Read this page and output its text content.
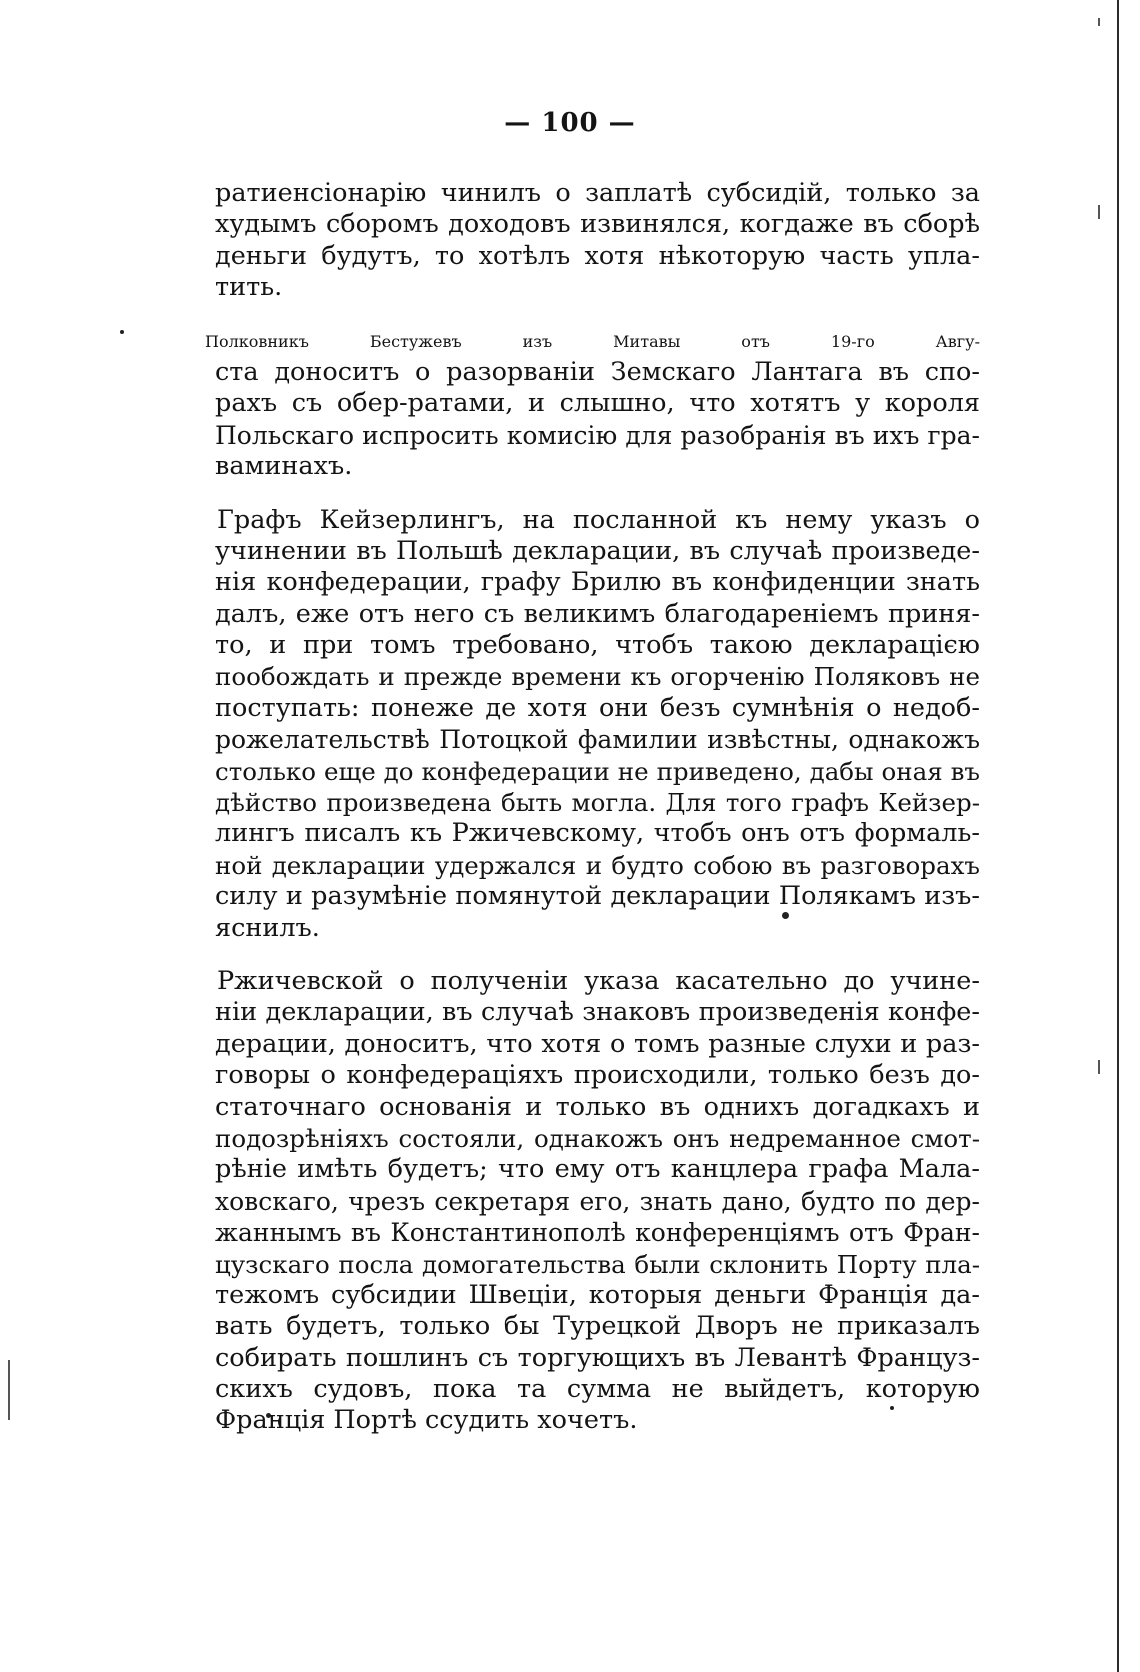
— 100 —

ратиенсіонарію чинилъ о заплатѣ субсидій, только за
худымъ сборомъ доходовъ извинялся, когдаже въ сборѣ
деньги будутъ, то хотѣлъ хотя нѣкоторую часть упла-
тить.

Полковникъ Бестужевъ изъ Митавы отъ 19-го Авгу-
ста доноситъ о разорваніи Земскаго Лантага въ спо-
рахъ съ обер-ратами, и слышно, что хотятъ у короля
Польскаго испросить комисію для разобранія въ ихъ гра-
ваминахъ.

Графъ Кейзерлингъ, на посланной къ нему указъ о
учинении въ Польшѣ декларации, въ случаѣ произведе-
нія конфедерации, графу Брилю въ конфиденции знать
далъ, еже отъ него съ великимъ благодареніемъ приня-
то, и при томъ требовано, чтобъ такою декларацією
пообождать и прежде времени къ огорченію Поляковъ не
поступать: понеже де хотя они безъ сумнѣнія о недоб-
рожелательствѣ Потоцкой фамилии извѣстны, однакожъ
столько еще до конфедерации не приведено, дабы оная въ
дѣйство произведена быть могла. Для того графъ Кейзер-
лингъ писалъ къ Ржичевскому, чтобъ онъ отъ формаль-
ной декларации удержался и будто собою въ разговорахъ
силу и разумѣніе помянутой декларации Полякамъ изъ-
яснилъ.

Ржичевской о полученіи указа касательно до учине-
ніи декларации, въ случаѣ знаковъ произведенія конфе-
дерации, доноситъ, что хотя о томъ разные слухи и раз-
говоры о конфедераціяхъ происходили, только безъ до-
статочнаго основанія и только въ однихъ догадкахъ и
подозрѣніяхъ состояли, однакожъ онъ недреманное смот-
рѣніе имѣть будетъ; что ему отъ канцлера графа Мала-
ховскаго, чрезъ секретаря его, знать дано, будто по дер-
жаннымъ въ Константинополѣ конференціямъ отъ Фран-
цузскаго посла домогательства были склонить Порту пла-
тежомъ субсидии Швеціи, которыя деньги Франція да-
вать будетъ, только бы Турецкой Дворъ не приказалъ
собирать пошлинъ съ торгующихъ въ Левантѣ Француз-
скихъ судовъ, пока та сумма не выйдетъ, которую
Франція Портѣ ссудить хочетъ.
